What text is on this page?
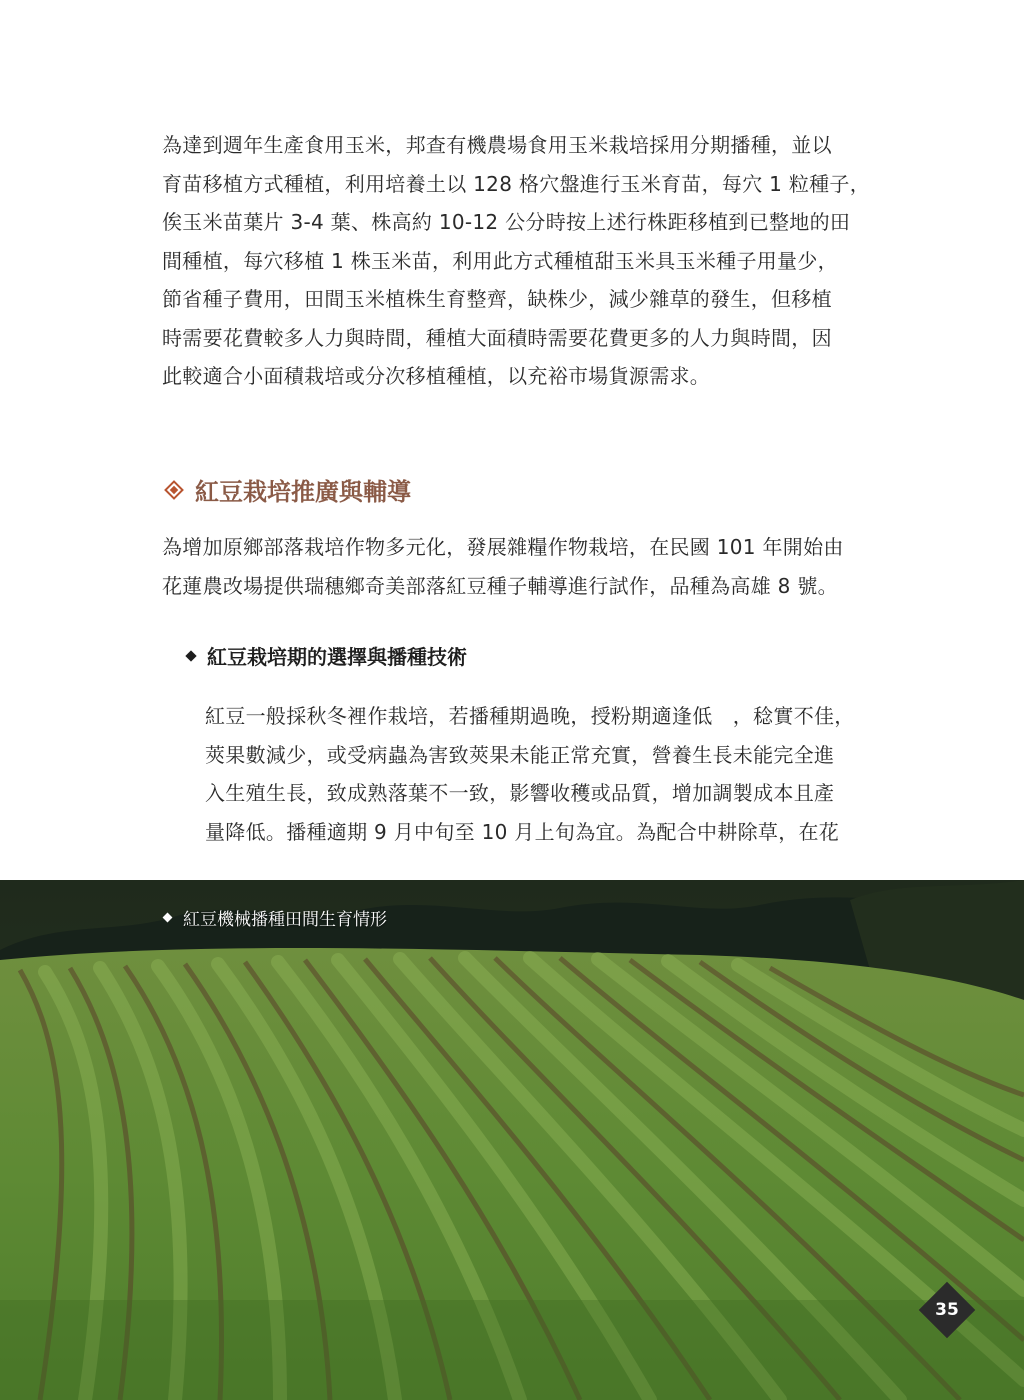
為達到週年生產食用玉米，邦查有機農場食用玉米栽培採用分期播種，並以
育苗移植方式種植，利用培養土以 128 格穴盤進行玉米育苗，每穴 1 粒種子，
俟玉米苗葉片 3-4 葉、株高約 10-12 公分時按上述行株距移植到已整地的田
間種植，每穴移植 1 株玉米苗，利用此方式種植甜玉米具玉米種子用量少，
節省種子費用，田間玉米植株生育整齊，缺株少，減少雜草的發生，但移植
時需要花費較多人力與時間，種植大面積時需要花費更多的人力與時間，因
此較適合小面積栽培或分次移植種植，以充裕市場貨源需求。
紅豆栽培推廣與輔導
為增加原鄉部落栽培作物多元化，發展雜糧作物栽培，在民國 101 年開始由
花蓮農改場提供瑞穗鄉奇美部落紅豆種子輔導進行試作，品種為高雄 8 號。
紅豆栽培期的選擇與播種技術
紅豆一般採秋冬裡作栽培，若播種期過晚，授粉期適逢低　，稔實不佳，
莢果數減少，或受病蟲為害致莢果未能正常充實，營養生長未能完全進
入生殖生長，致成熟落葉不一致，影響收穫或品質，增加調製成本且產
量降低。播種適期 9 月中旬至 10 月上旬為宜。為配合中耕除草，在花
紅豆機械播種田間生育情形
35
